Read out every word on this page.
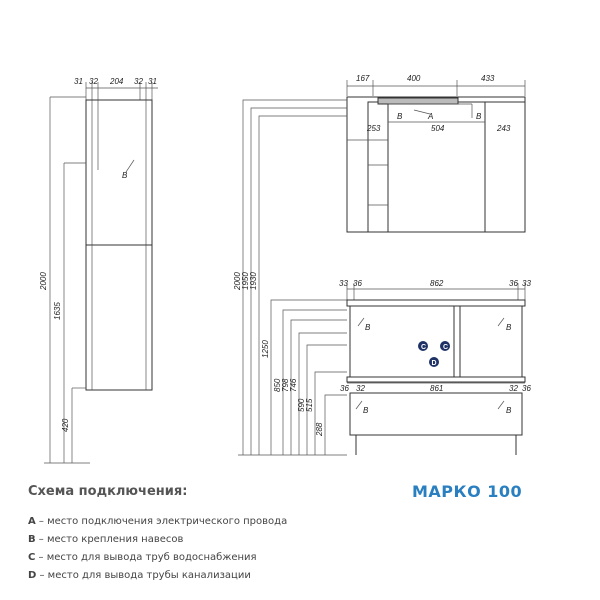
31 32 204 32 31
B
2000
1635
420
167	400	433
253	504	243
B	A	B
2000 1950 1930
1250
850 798 746
590 515
288
33 36	862	36 33
B	B
C C
D
36 32	861	32 36
B	B
Схема подключения:	МАРКО 100
A – место подключения электрического провода
B – место крепления навесов
C – место для вывода труб водоснабжения
D – место для вывода трубы канализации
